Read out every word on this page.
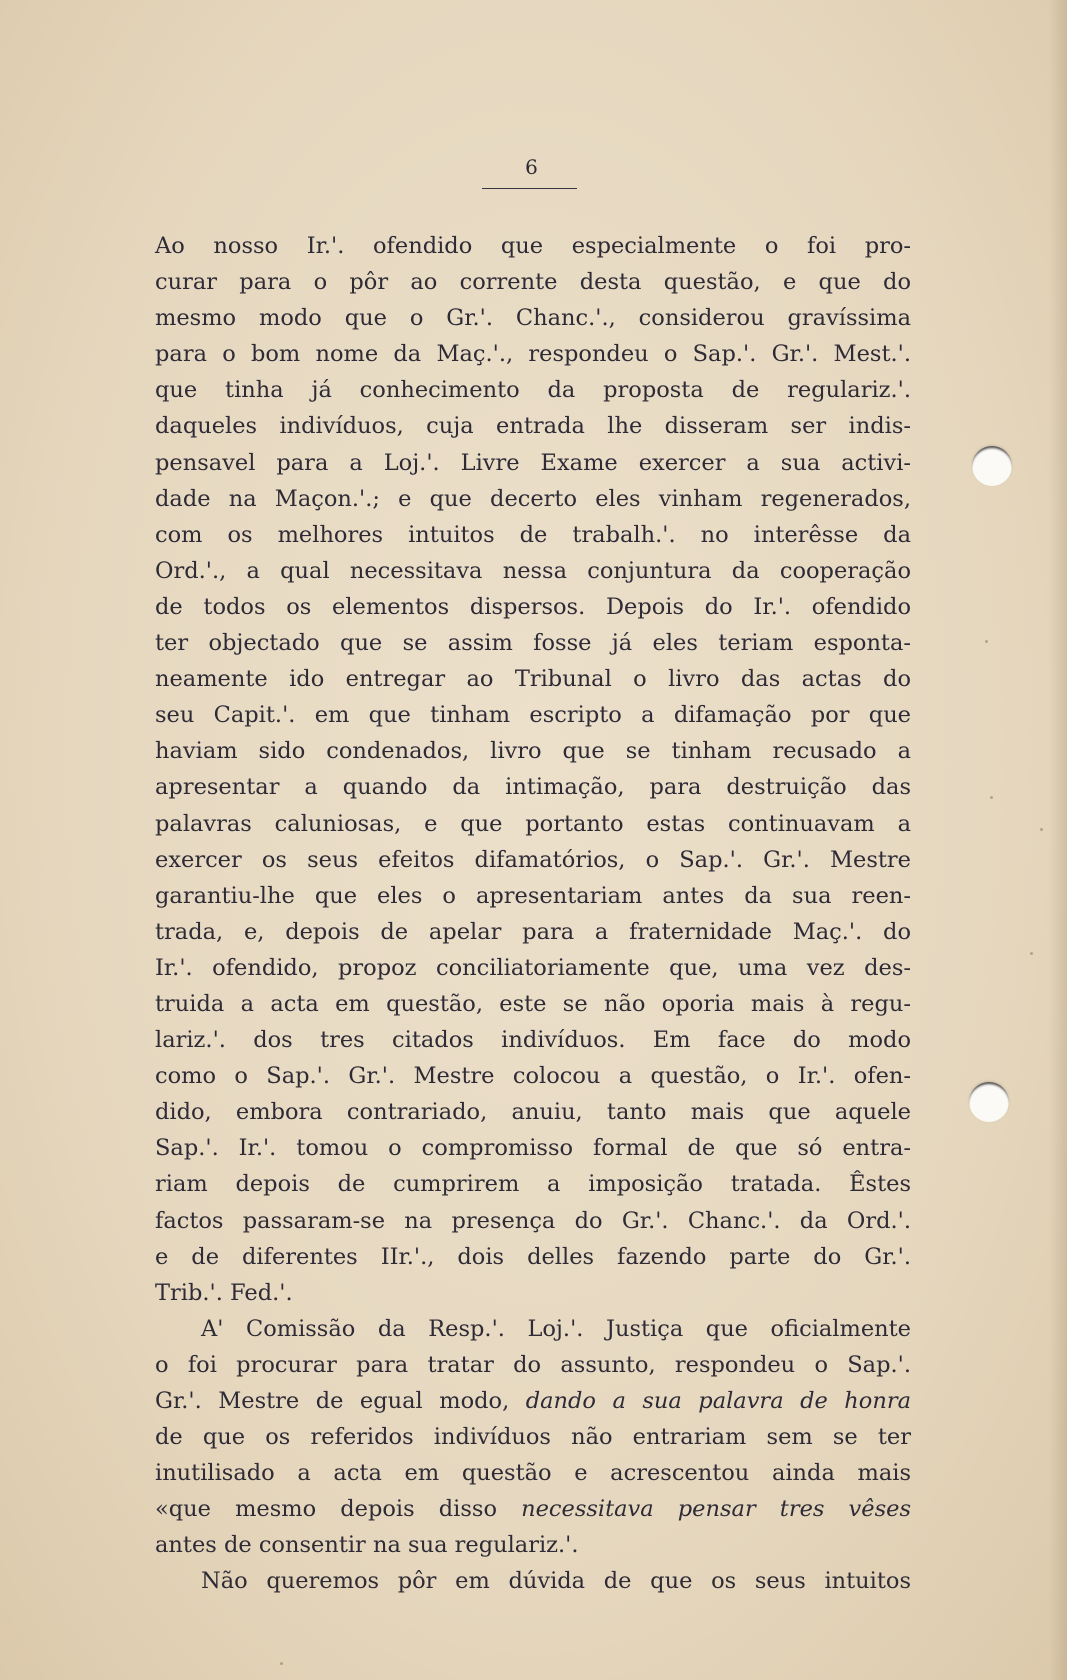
6
Ao nosso Ir.'. ofendido que especialmente o foi pro-
curar para o pôr ao corrente desta questão, e que do
mesmo modo que o Gr.'. Chanc.'., considerou gravíssima
para o bom nome da Maç.'., respondeu o Sap.'. Gr.'. Mest.'.
que tinha já conhecimento da proposta de regulariz.'.
daqueles indivíduos, cuja entrada lhe disseram ser indis-
pensavel para a Loj.'. Livre Exame exercer a sua activi-
dade na Maçon.'.; e que decerto eles vinham regenerados,
com os melhores intuitos de trabalh.'. no interêsse da
Ord.'., a qual necessitava nessa conjuntura da cooperação
de todos os elementos dispersos. Depois do Ir.'. ofendido
ter objectado que se assim fosse já eles teriam esponta-
neamente ido entregar ao Tribunal o livro das actas do
seu Capit.'. em que tinham escripto a difamação por que
haviam sido condenados, livro que se tinham recusado a
apresentar a quando da intimação, para destruição das
palavras caluniosas, e que portanto estas continuavam a
exercer os seus efeitos difamatórios, o Sap.'. Gr.'. Mestre
garantiu-lhe que eles o apresentariam antes da sua reen-
trada, e, depois de apelar para a fraternidade Maç.'. do
Ir.'. ofendido, propoz conciliatoriamente que, uma vez des-
truida a acta em questão, este se não oporia mais à regu-
lariz.'. dos tres citados indivíduos. Em face do modo
como o Sap.'. Gr.'. Mestre colocou a questão, o Ir.'. ofen-
dido, embora contrariado, anuiu, tanto mais que aquele
Sap.'. Ir.'. tomou o compromisso formal de que só entra-
riam depois de cumprirem a imposição tratada. Êstes
factos passaram-se na presença do Gr.'. Chanc.'. da Ord.'.
e de diferentes IIr.'., dois delles fazendo parte do Gr.'.
Trib.'. Fed.'.
A' Comissão da Resp.'. Loj.'. Justiça que oficialmente
o foi procurar para tratar do assunto, respondeu o Sap.'.
Gr.'. Mestre de egual modo, dando a sua palavra de honra
de que os referidos indivíduos não entrariam sem se ter
inutilisado a acta em questão e acrescentou ainda mais
«que mesmo depois disso necessitava pensar tres vêses
antes de consentir na sua regulariz.'.
Não queremos pôr em dúvida de que os seus intuitos
